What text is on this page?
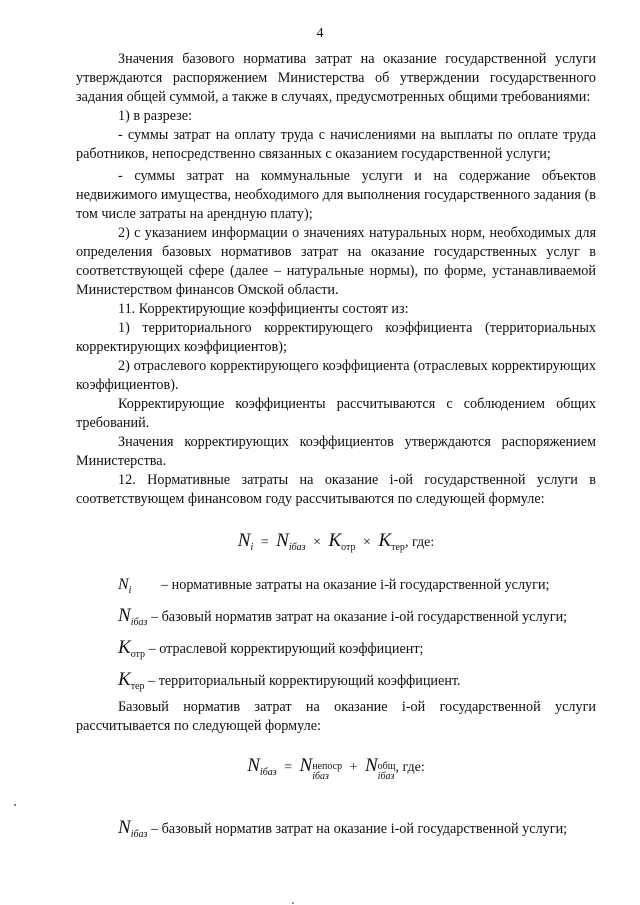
4

Значения базового норматива затрат на оказание государственной услуги утверждаются распоряжением Министерства об утверждении государственного задания общей суммой, а также в случаях, предусмотренных общими требованиями:

1) в разрезе:

- суммы затрат на оплату труда с начислениями на выплаты по оплате труда работников, непосредственно связанных с оказанием государственной услуги;

- суммы затрат на коммунальные услуги и на содержание объектов недвижимого имущества, необходимого для выполнения государственного задания (в том числе затраты на арендную плату);

2) с указанием информации о значениях натуральных норм, необходимых для определения базовых нормативов затрат на оказание государственных услуг в соответствующей сфере (далее – натуральные нормы), по форме, устанавливаемой Министерством финансов Омской области.

11. Корректирующие коэффициенты состоят из:

1) территориального корректирующего коэффициента (территориальных корректирующих коэффициентов);

2) отраслевого корректирующего коэффициента (отраслевых корректирующих коэффициентов).

Корректирующие коэффициенты рассчитываются с соблюдением общих требований.

Значения корректирующих коэффициентов утверждаются распоряжением Министерства.

12. Нормативные затраты на оказание i-ой государственной услуги в соответствующем финансовом году рассчитываются по следующей формуле:

$N_i = N_{iбаз} \times K_{отр} \times K_{тер}$, где:
$N_i$ – нормативные затраты на оказание i-й государственной услуги;
$N_{iбаз}$ – базовый норматив затрат на оказание i-ой государственной услуги;
$K_{отр}$ – отраслевой корректирующий коэффициент;
$K_{тер}$ – территориальный корректирующий коэффициент.

Базовый норматив затрат на оказание i-ой государственной услуги рассчитывается по следующей формуле:

$N_{iбаз}$ = Nнепоср
iбаз + Nобщ
iбаз, где:
$N_{iбаз}$ – базовый норматив затрат на оказание i-ой государственной услуги;
